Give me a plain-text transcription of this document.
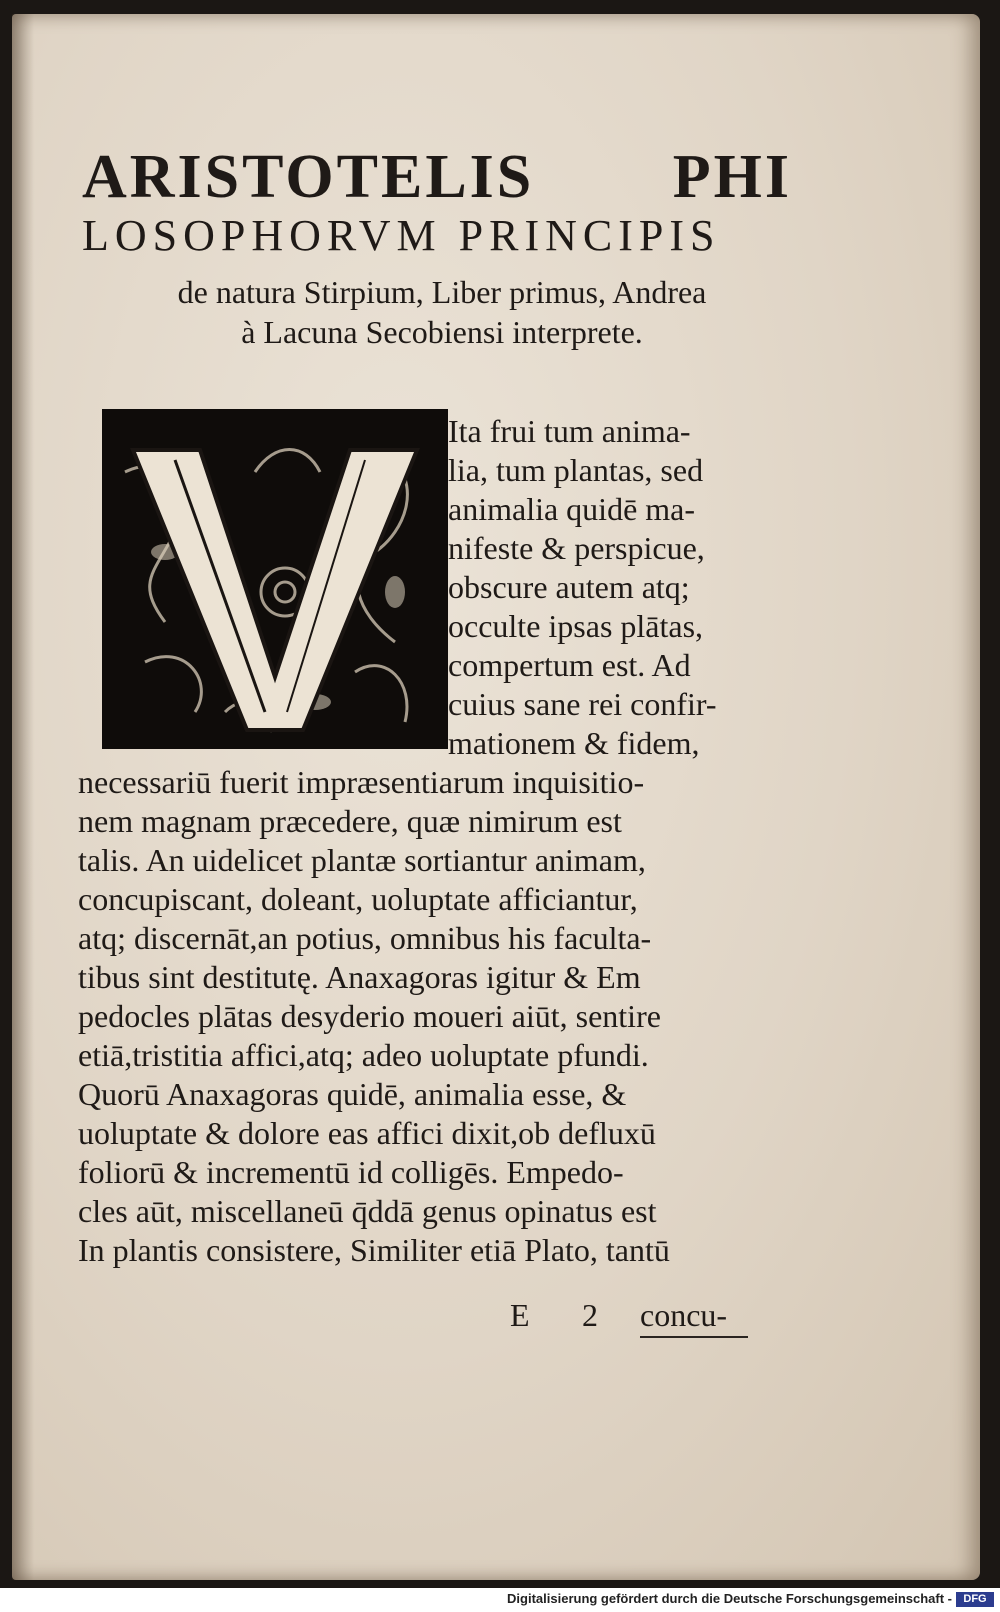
ARISTOTELIS PHI
LOSOPHORVM PRINCIPIS
de natura Stirpium, Liber primus, Andrea
à Lacuna Secobiensi interprete.
Ita frui tum anima-
lia, tum plantas, sed
animalia quidē ma-
nifeste & perspicue,
obscure autem atq;
occulte ipsas plātas,
compertum est. Ad
cuius sane rei confir-
mationem & fidem,
necessariū fuerit impræsentiarum inquisitio-
nem magnam præcedere, quæ nimirum est
talis. An uidelicet plantæ sortiantur animam,
concupiscant, doleant, uoluptate afficiantur,
atq; discernāt,an potius, omnibus his faculta-
tibus sint destitutę. Anaxagoras igitur & Em
pedocles plātas desyderio moueri aiūt, sentire
etiā,tristitia affici,atq; adeo uoluptate pfundi.
Quorū Anaxagoras quidē, animalia esse, &
uoluptate & dolore eas affici dixit,ob defluxū
foliorū & incrementū id colligēs. Empedo-
cles aūt, miscellaneū q̄ddā genus opinatus est
In plantis consistere, Similiter etiā Plato, tantū
E 2 concu-
Digitalisierung gefördert durch die Deutsche Forschungsgemeinschaft -	DFG
